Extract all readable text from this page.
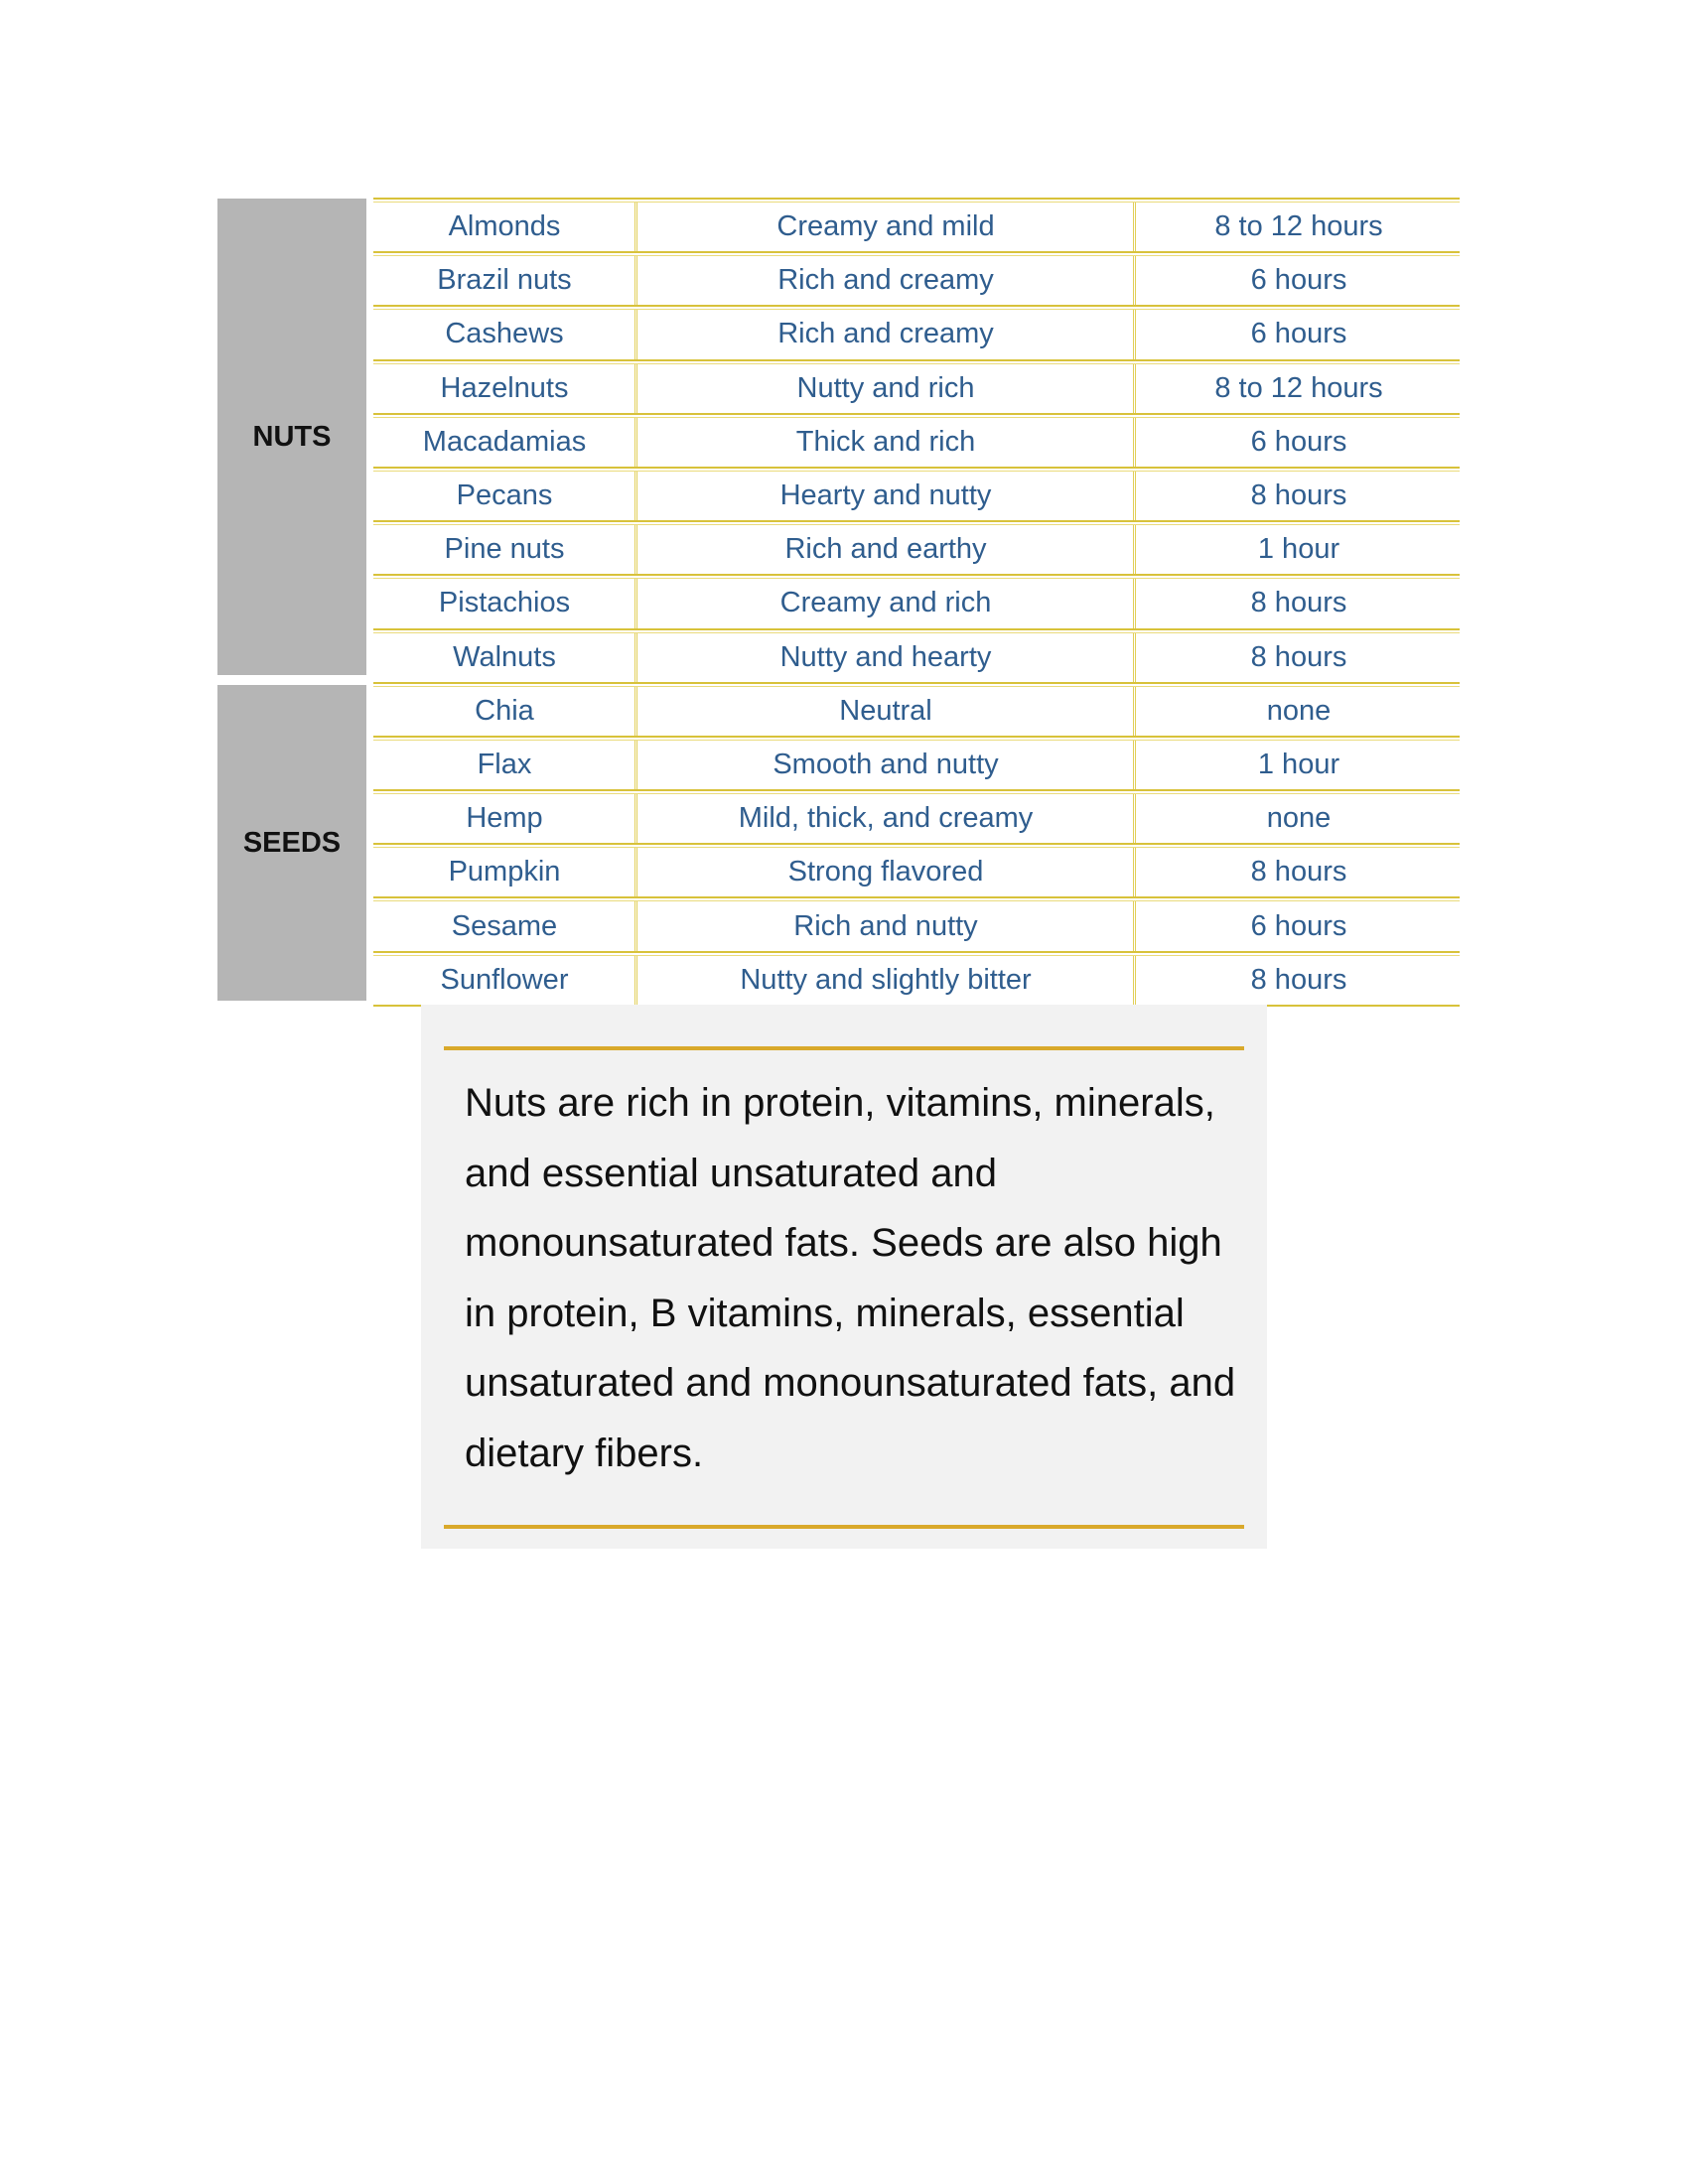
NUTS
SEEDS
Almonds	Creamy and mild	8 to 12 hours
Brazil nuts	Rich and creamy	6 hours
Cashews	Rich and creamy	6 hours
Hazelnuts	Nutty and rich	8 to 12 hours
Macadamias	Thick and rich	6 hours
Pecans	Hearty and nutty	8 hours
Pine nuts	Rich and earthy	1 hour
Pistachios	Creamy and rich	8 hours
Walnuts	Nutty and hearty	8 hours
Chia	Neutral	none
Flax	Smooth and nutty	1 hour
Hemp	Mild, thick, and creamy	none
Pumpkin	Strong flavored	8 hours
Sesame	Rich and nutty	6 hours
Sunflower	Nutty and slightly bitter	8 hours

Nuts are rich in protein, vitamins, minerals, and essential unsaturated and monounsaturated fats. Seeds are also high in protein, B vitamins, minerals, essential unsaturated and monounsaturated fats, and dietary fibers.
